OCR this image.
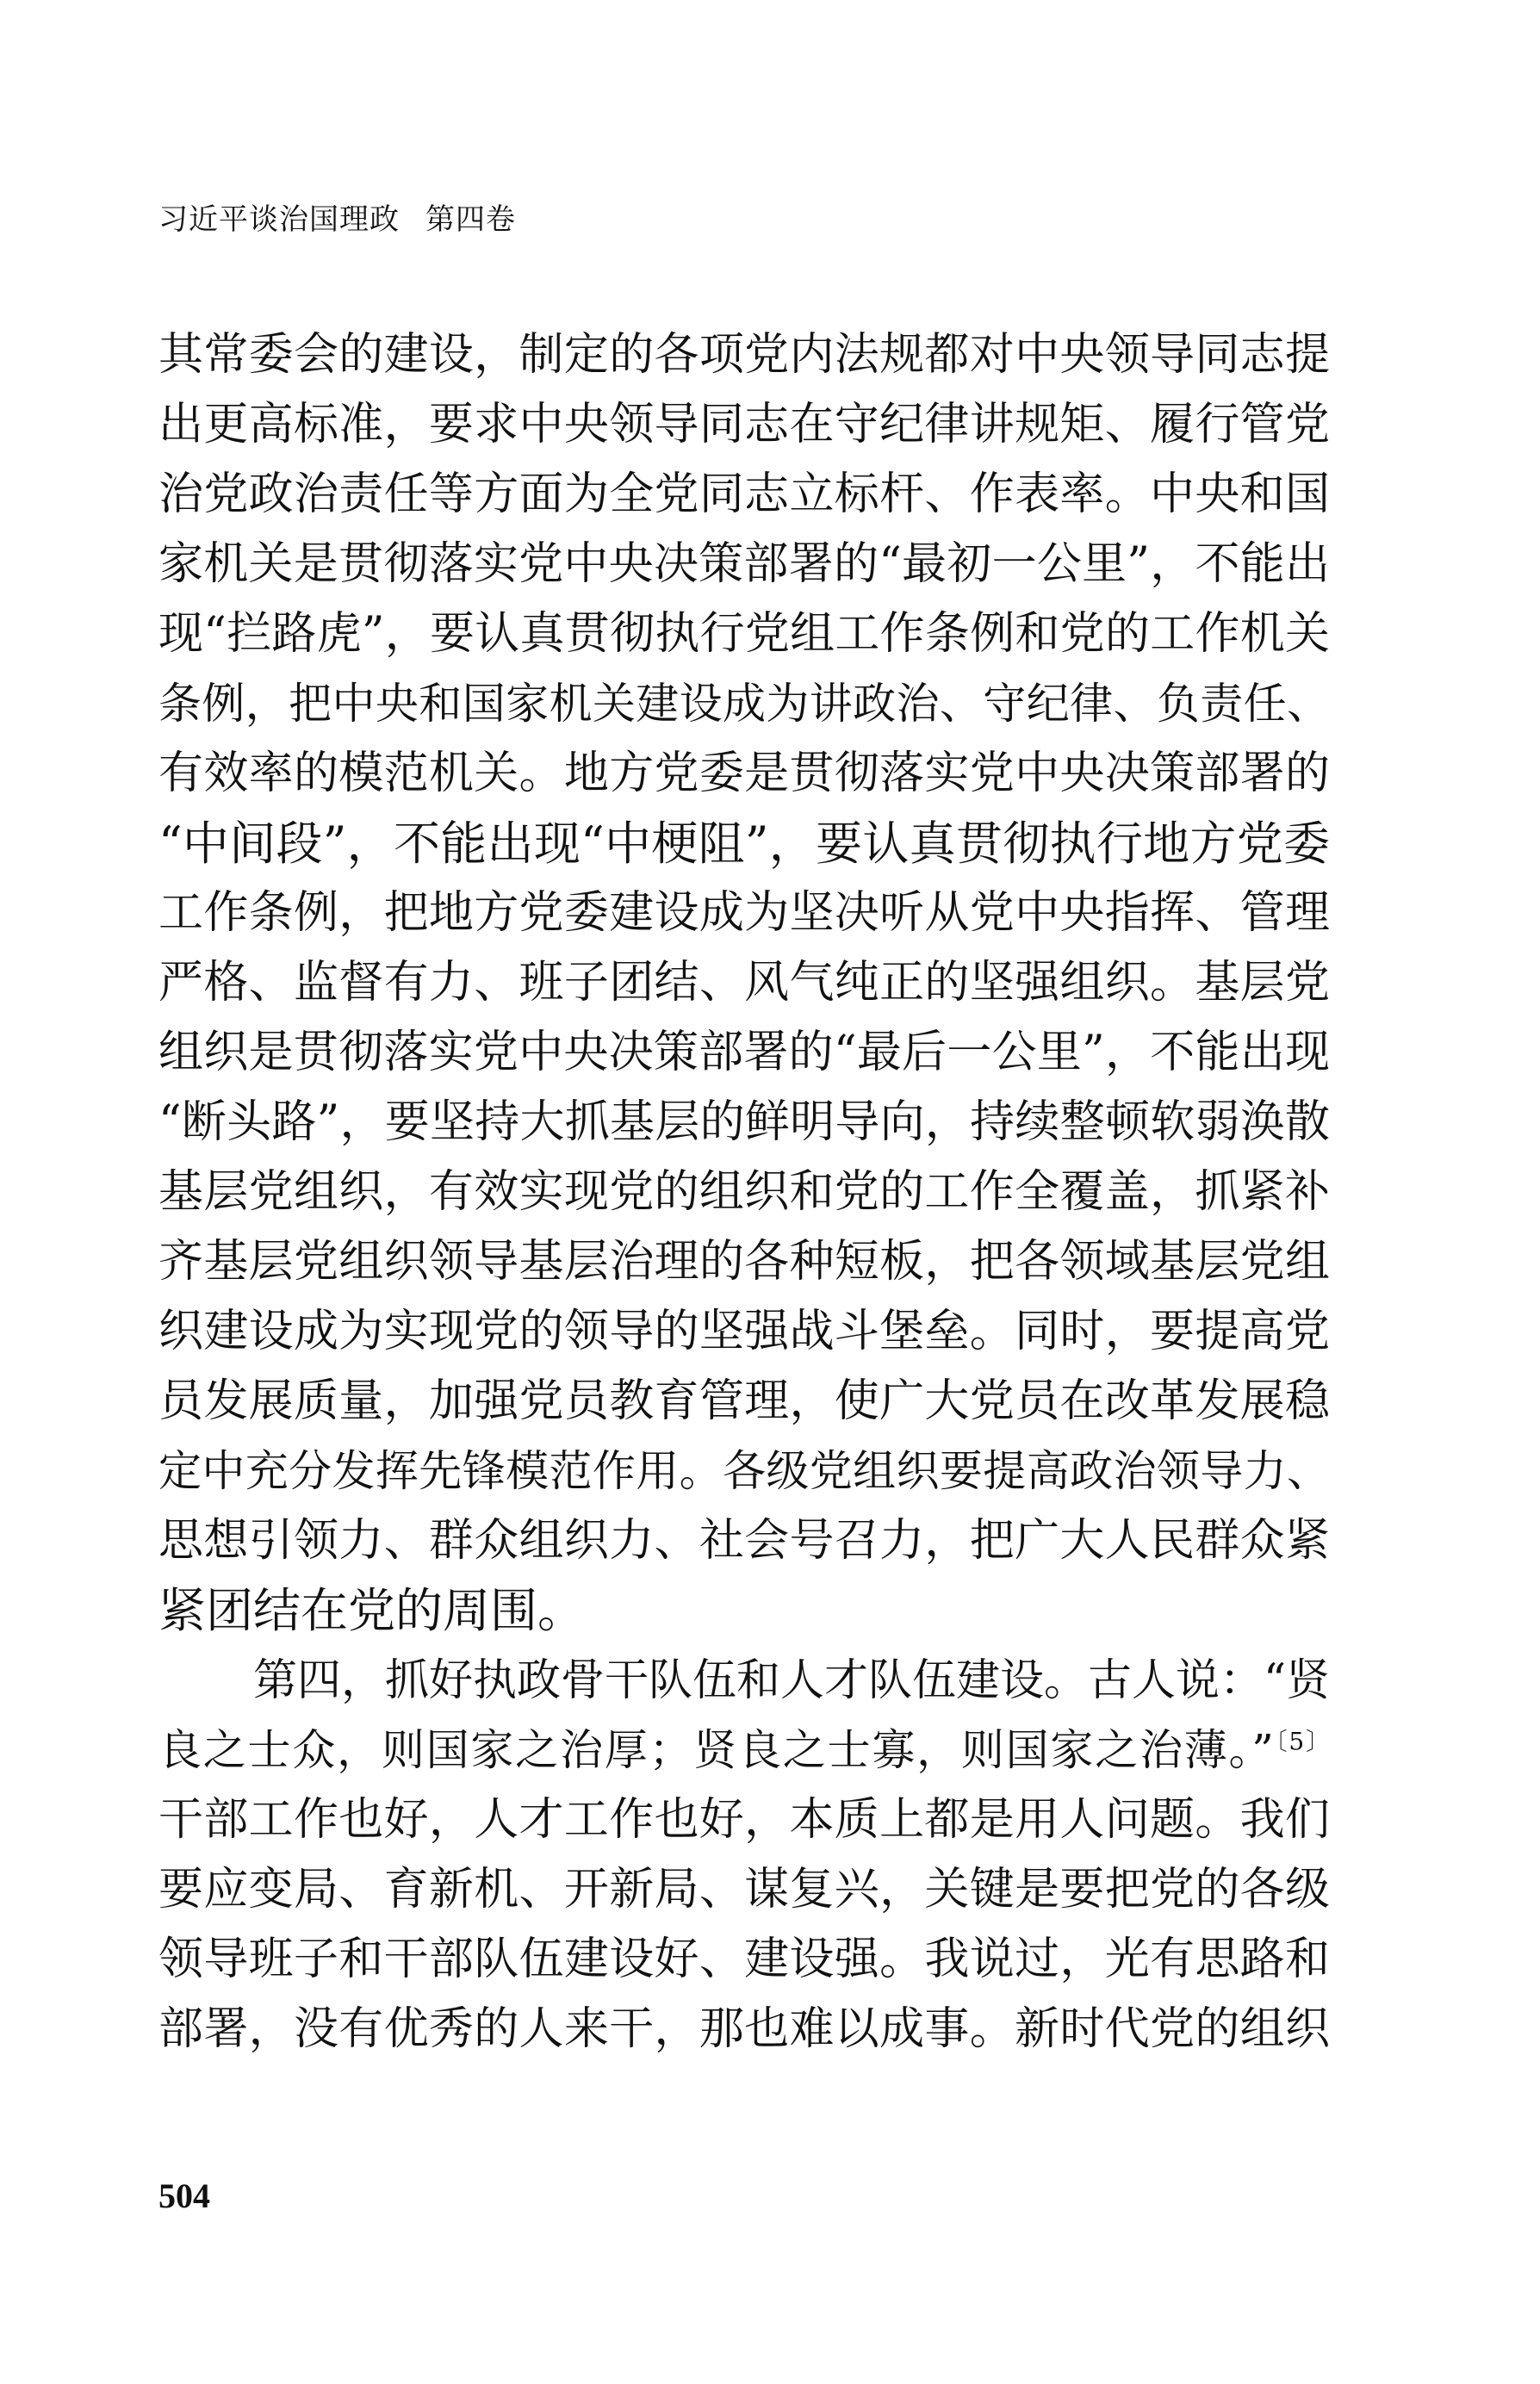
习近平谈治国理政 第四卷
其常委会的建设，制定的各项党内法规都对中央领导同志提
出更高标准，要求中央领导同志在守纪律讲规矩、履行管党
治党政治责任等方面为全党同志立标杆、作表率。中央和国
家机关是贯彻落实党中央决策部署的“最初一公里”，不能出
现“拦路虎”，要认真贯彻执行党组工作条例和党的工作机关
条例，把中央和国家机关建设成为讲政治、守纪律、负责任、
有效率的模范机关。地方党委是贯彻落实党中央决策部署的
“中间段”，不能出现“中梗阻”，要认真贯彻执行地方党委
工作条例，把地方党委建设成为坚决听从党中央指挥、管理
严格、监督有力、班子团结、风气纯正的坚强组织。基层党
组织是贯彻落实党中央决策部署的“最后一公里”，不能出现
“断头路”，要坚持大抓基层的鲜明导向，持续整顿软弱涣散
基层党组织，有效实现党的组织和党的工作全覆盖，抓紧补
齐基层党组织领导基层治理的各种短板，把各领域基层党组
织建设成为实现党的领导的坚强战斗堡垒。同时，要提高党
员发展质量，加强党员教育管理，使广大党员在改革发展稳
定中充分发挥先锋模范作用。各级党组织要提高政治领导力、
思想引领力、群众组织力、社会号召力，把广大人民群众紧
紧团结在党的周围。
第四，抓好执政骨干队伍和人才队伍建设。古人说：“贤
良之士众，则国家之治厚；贤良之士寡，则国家之治薄。”$^{〔5〕}$
干部工作也好，人才工作也好，本质上都是用人问题。我们
要应变局、育新机、开新局、谋复兴，关键是要把党的各级
领导班子和干部队伍建设好、建设强。我说过，光有思路和
部署，没有优秀的人来干，那也难以成事。新时代党的组织
504
